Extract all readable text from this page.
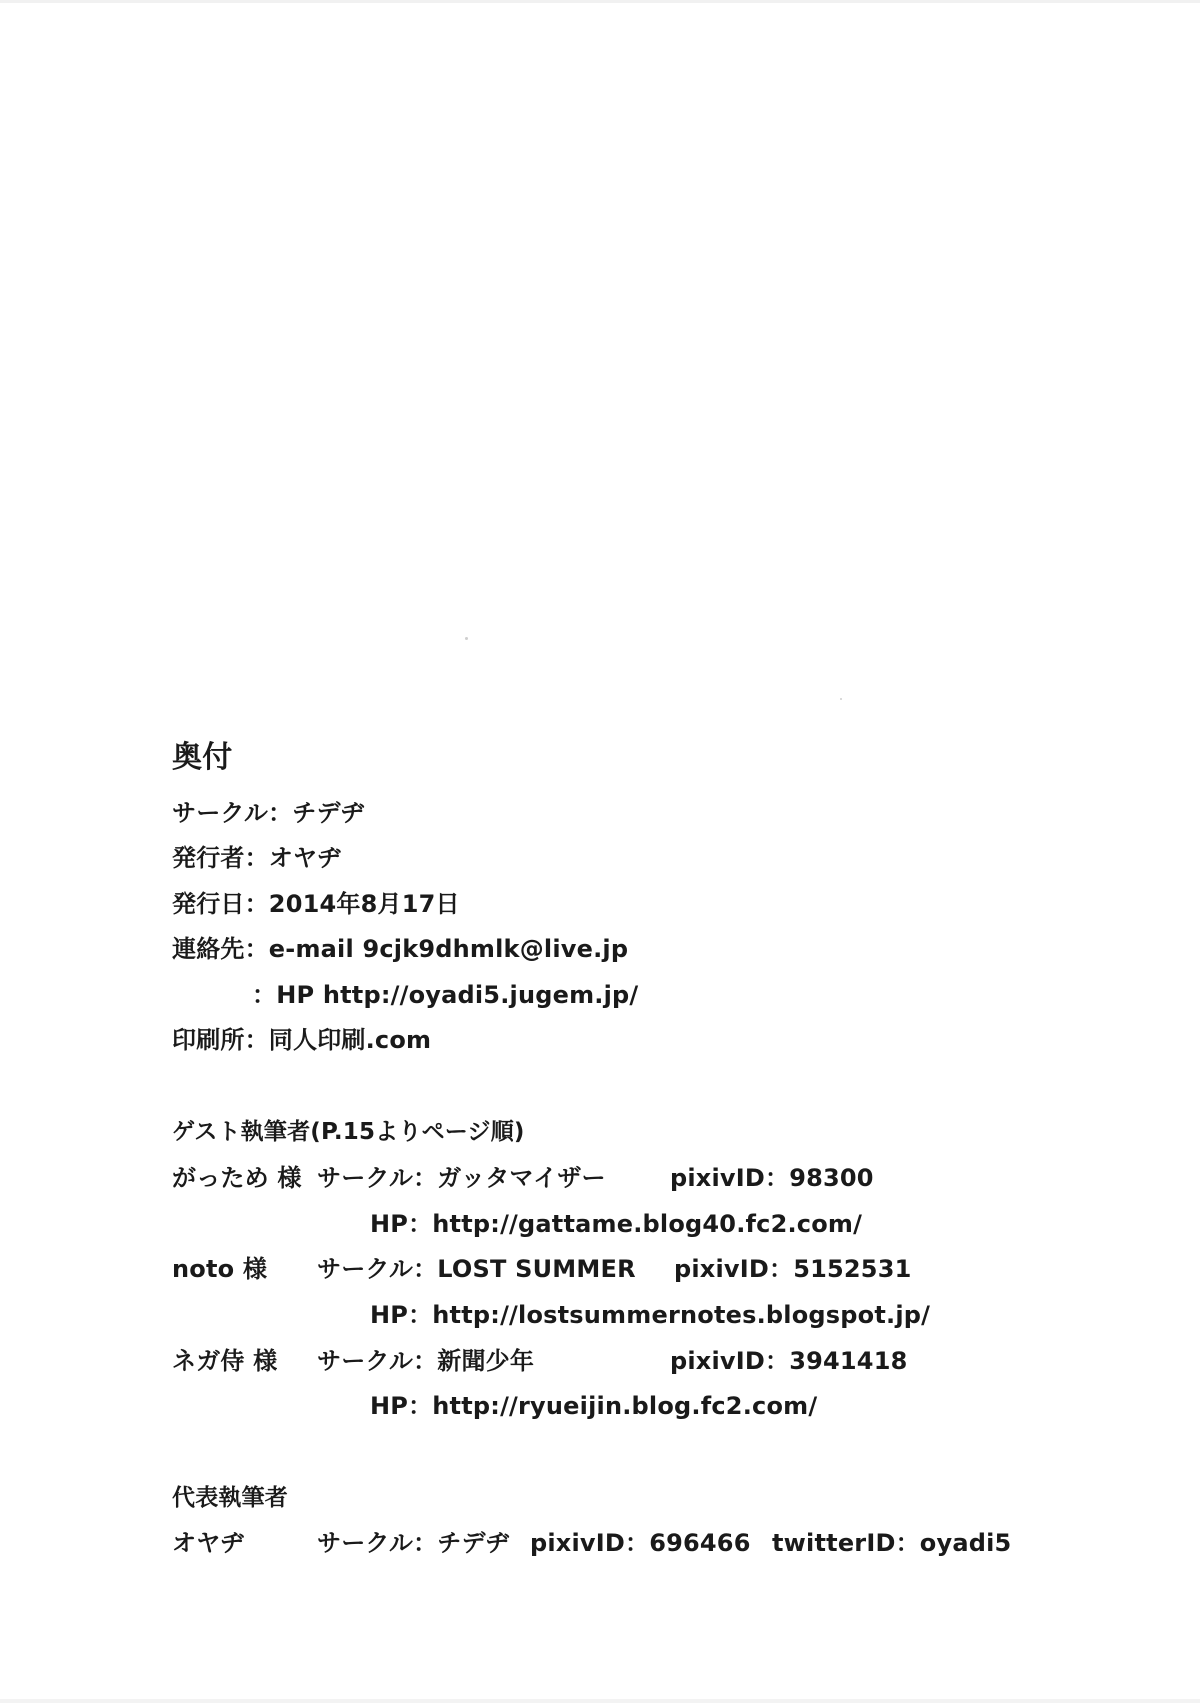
奥付
サークル：チデヂ
発行者：オヤヂ
発行日：2014年8月17日
連絡先：e-mail 9cjk9dhmlk@live.jp
：HP http://oyadi5.jugem.jp/
印刷所：同人印刷.com
ゲスト執筆者(P.15よりページ順)
がっため 様 サークル：ガッタマイザー	pixivID：98300
HP：http://gattame.blog40.fc2.com/
noto 様 サークル：LOST SUMMER pixivID：5152531
HP：http://lostsummernotes.blogspot.jp/
ネガ侍 様 サークル：新聞少年	pixivID：3941418
HP：http://ryueijin.blog.fc2.com/
代表執筆者
オヤヂ	サークル：チデヂ pixivID：696466 twitterID：oyadi5
